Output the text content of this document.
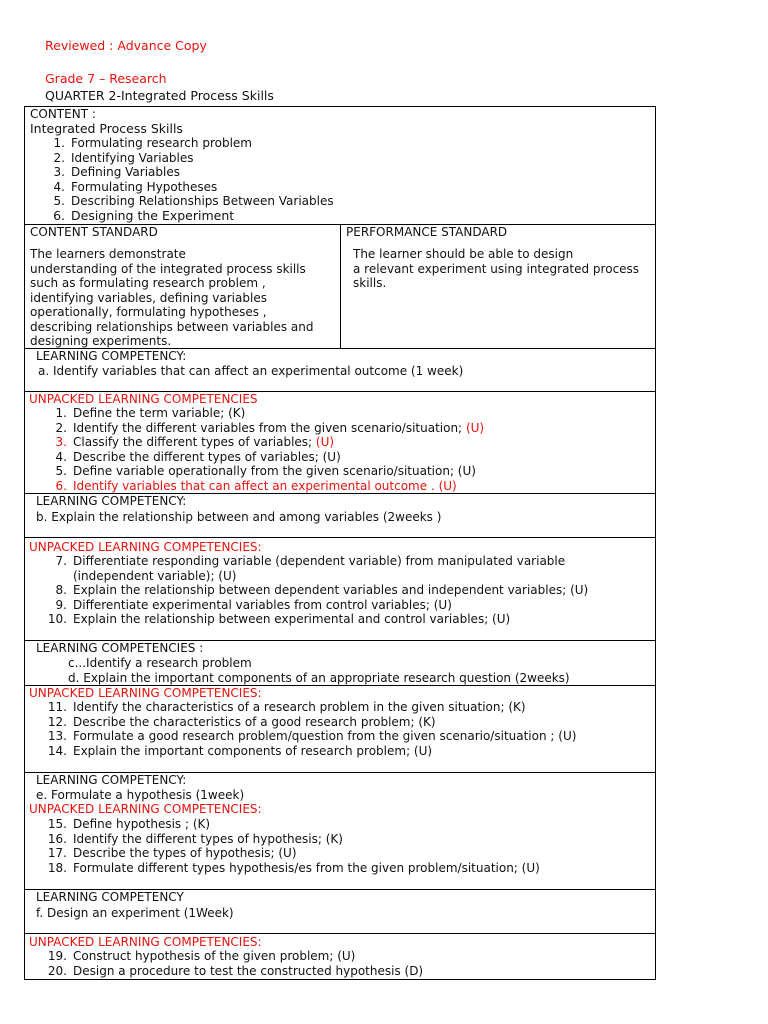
Reviewed : Advance Copy
Grade 7 – Research
QUARTER 2-Integrated Process Skills
CONTENT :
Integrated Process Skills
1. Formulating research problem
2. Identifying Variables
3. Defining Variables
4. Formulating Hypotheses
5. Describing Relationships Between Variables
6. Designing the Experiment
CONTENT STANDARD
The learners demonstrate
understanding of the integrated process skills
such as formulating research problem ,
identifying variables, defining variables
operationally, formulating hypotheses ,
describing relationships between variables and
designing experiments.
PERFORMANCE STANDARD
The learner should be able to design
a relevant experiment using integrated process
skills.
LEARNING COMPETENCY:
a. Identify variables that can affect an experimental outcome (1 week)
UNPACKED LEARNING COMPETENCIES
1. Define the term variable; (K)
2. Identify the different variables from the given scenario/situation; (U)
3. Classify the different types of variables; (U)
4. Describe the different types of variables; (U)
5. Define variable operationally from the given scenario/situation; (U)
6. Identify variables that can affect an experimental outcome . (U)
LEARNING COMPETENCY:
b. Explain the relationship between and among variables (2weeks )
UNPACKED LEARNING COMPETENCIES:
7. Differentiate responding variable (dependent variable) from manipulated variable
(independent variable); (U)
8. Explain the relationship between dependent variables and independent variables; (U)
9. Differentiate experimental variables from control variables; (U)
10. Explain the relationship between experimental and control variables; (U)
LEARNING COMPETENCIES :
c...Identify a research problem
d. Explain the important components of an appropriate research question (2weeks)
UNPACKED LEARNING COMPETENCIES:
11. Identify the characteristics of a research problem in the given situation; (K)
12. Describe the characteristics of a good research problem; (K)
13. Formulate a good research problem/question from the given scenario/situation ; (U)
14. Explain the important components of research problem; (U)
LEARNING COMPETENCY:
e. Formulate a hypothesis (1week)
UNPACKED LEARNING COMPETENCIES:
15. Define hypothesis ; (K)
16. Identify the different types of hypothesis; (K)
17. Describe the types of hypothesis; (U)
18. Formulate different types hypothesis/es from the given problem/situation; (U)
LEARNING COMPETENCY
f. Design an experiment (1Week)
UNPACKED LEARNING COMPETENCIES:
19. Construct hypothesis of the given problem; (U)
20. Design a procedure to test the constructed hypothesis (D)
